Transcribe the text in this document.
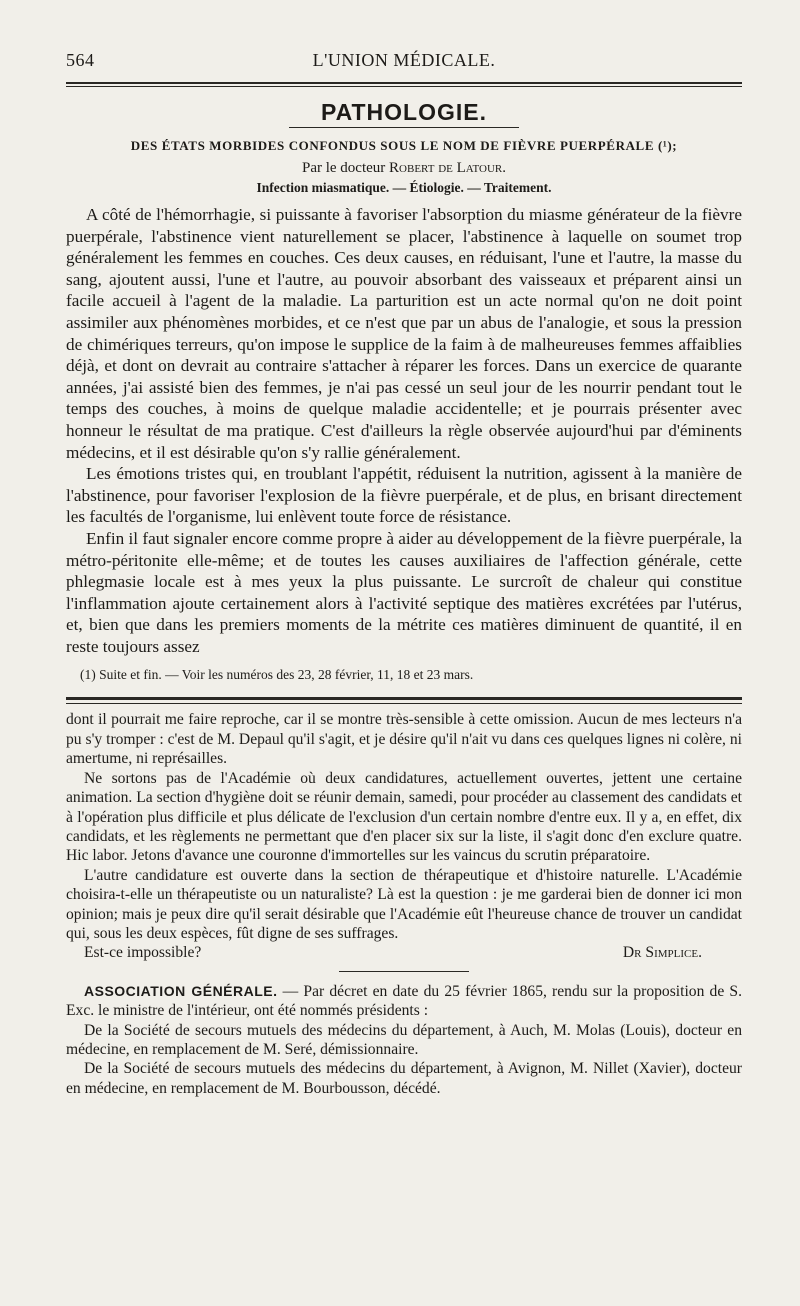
564	L'UNION MÉDICALE.
PATHOLOGIE.
DES ÉTATS MORBIDES CONFONDUS SOUS LE NOM DE FIÈVRE PUERPÉRALE (¹);
Par le docteur Robert de Latour.
Infection miasmatique. — Étiologie. — Traitement.

A côté de l'hémorrhagie, si puissante à favoriser l'absorption du miasme générateur de la fièvre puerpérale, l'abstinence vient naturellement se placer, l'abstinence à laquelle on soumet trop généralement les femmes en couches. Ces deux causes, en réduisant, l'une et l'autre, la masse du sang, ajoutent aussi, l'une et l'autre, au pouvoir absorbant des vaisseaux et préparent ainsi un facile accueil à l'agent de la maladie. La parturition est un acte normal qu'on ne doit point assimiler aux phénomènes morbides, et ce n'est que par un abus de l'analogie, et sous la pression de chimériques terreurs, qu'on impose le supplice de la faim à de malheureuses femmes affaiblies déjà, et dont on devrait au contraire s'attacher à réparer les forces. Dans un exercice de quarante années, j'ai assisté bien des femmes, je n'ai pas cessé un seul jour de les nourrir pendant tout le temps des couches, à moins de quelque maladie accidentelle; et je pourrais présenter avec honneur le résultat de ma pratique. C'est d'ailleurs la règle observée aujourd'hui par d'éminents médecins, et il est désirable qu'on s'y rallie généralement.

Les émotions tristes qui, en troublant l'appétit, réduisent la nutrition, agissent à la manière de l'abstinence, pour favoriser l'explosion de la fièvre puerpérale, et de plus, en brisant directement les facultés de l'organisme, lui enlèvent toute force de résistance.

Enfin il faut signaler encore comme propre à aider au développement de la fièvre puerpérale, la métro-péritonite elle-même; et de toutes les causes auxiliaires de l'affection générale, cette phlegmasie locale est à mes yeux la plus puissante. Le surcroît de chaleur qui constitue l'inflammation ajoute certainement alors à l'activité septique des matières excrétées par l'utérus, et, bien que dans les premiers moments de la métrite ces matières diminuent de quantité, il en reste toujours assez

(1) Suite et fin. — Voir les numéros des 23, 28 février, 11, 18 et 23 mars.

dont il pourrait me faire reproche, car il se montre très-sensible à cette omission. Aucun de mes lecteurs n'a pu s'y tromper : c'est de M. Depaul qu'il s'agit, et je désire qu'il n'ait vu dans ces quelques lignes ni colère, ni amertume, ni représailles.

Ne sortons pas de l'Académie où deux candidatures, actuellement ouvertes, jettent une certaine animation. La section d'hygiène doit se réunir demain, samedi, pour procéder au classement des candidats et à l'opération plus difficile et plus délicate de l'exclusion d'un certain nombre d'entre eux. Il y a, en effet, dix candidats, et les règlements ne permettant que d'en placer six sur la liste, il s'agit donc d'en exclure quatre. Hic labor. Jetons d'avance une couronne d'immortelles sur les vaincus du scrutin préparatoire.

L'autre candidature est ouverte dans la section de thérapeutique et d'histoire naturelle. L'Académie choisira-t-elle un thérapeutiste ou un naturaliste? Là est la question : je me garderai bien de donner ici mon opinion; mais je peux dire qu'il serait désirable que l'Académie eût l'heureuse chance de trouver un candidat qui, sous les deux espèces, fût digne de ses suffrages.

Est-ce impossible?	Dr Simplice.

ASSOCIATION GÉNÉRALE. — Par décret en date du 25 février 1865, rendu sur la proposition de S. Exc. le ministre de l'intérieur, ont été nommés présidents :

De la Société de secours mutuels des médecins du département, à Auch, M. Molas (Louis), docteur en médecine, en remplacement de M. Seré, démissionnaire.

De la Société de secours mutuels des médecins du département, à Avignon, M. Nillet (Xavier), docteur en médecine, en remplacement de M. Bourbousson, décédé.
